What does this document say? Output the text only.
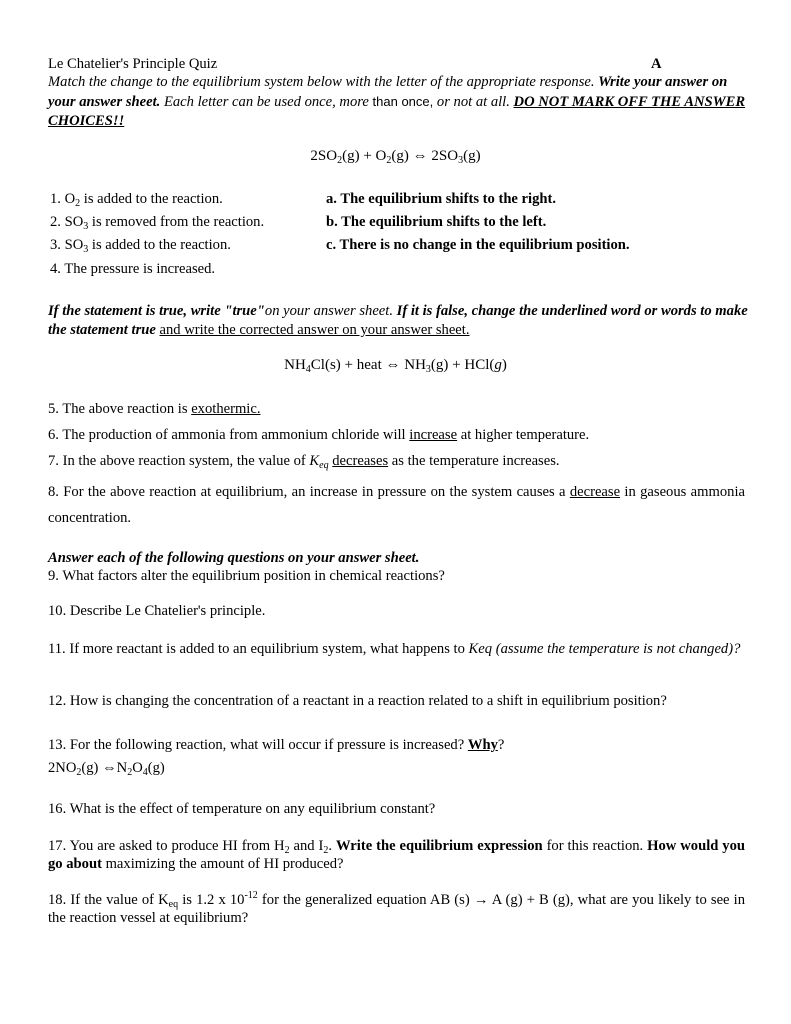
Le Chatelier's Principle Quiz	A
Match the change to the equilibrium system below with the letter of the appropriate response. Write your answer on your answer sheet. Each letter can be used once, more than once, or not at all. DO NOT MARK OFF THE ANSWER CHOICES!!
$2SO_2(g) + O_2(g)$ ⇔ $2SO_3(g)$
1. $O_2$ is added to the reaction.
2. $SO_3$ is removed from the reaction.
3. $SO_3$ is added to the reaction.
4. The pressure is increased.
a. The equilibrium shifts to the right.
b. The equilibrium shifts to the left.
c. There is no change in the equilibrium position.
If the statement is true, write "true"on your answer sheet. If it is false, change the underlined word or words to make the statement true and write the corrected answer on your answer sheet.
$NH_4Cl(s)$ + heat ⇔ $NH_3(g) + HCl(g)$
5. The above reaction is exothermic.
6. The production of ammonia from ammonium chloride will increase at higher temperature.
7. In the above reaction system, the value of $K_{eq}$ decreases as the temperature increases.
8. For the above reaction at equilibrium, an increase in pressure on the system causes a decrease in gaseous ammonia concentration.
Answer each of the following questions on your answer sheet.
9. What factors alter the equilibrium position in chemical reactions?
10. Describe Le Chatelier's principle.
11. If more reactant is added to an equilibrium system, what happens to Keq (assume the temperature is not changed)?
12. How is changing the concentration of a reactant in a reaction related to a shift in equilibrium position?
13. For the following reaction, what will occur if pressure is increased? Why?
$2NO_2(g)$ $\Leftrightarrow N_2O_4(g)$
16. What is the effect of temperature on any equilibrium constant?
17. You are asked to produce HI from $H_2$ and $I_2$. Write the equilibrium expression for this reaction. How would you go about maximizing the amount of HI produced?
18. If the value of $K_{eq}$ is 1.2 x $10^{-12}$ for the generalized equation AB (s) → A (g) + B (g), what are you likely to see in the reaction vessel at equilibrium?
